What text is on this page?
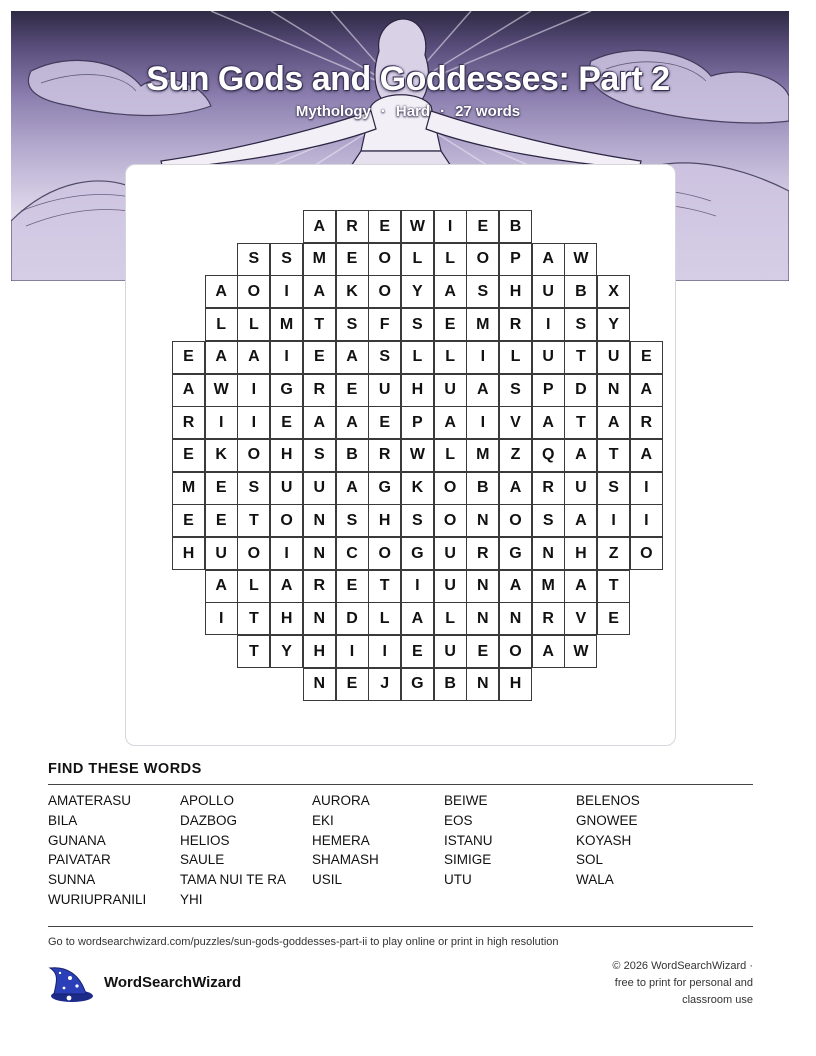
Sun Gods and Goddesses: Part 2
Mythology · Hard · 27 words
A	R	E	W	I	E	B
S	S	M	E	O	L	L	O	P	A	W
A	O	I	A	K	O	Y	A	S	H	U	B	X
L	L	M	T	S	F	S	E	M	R	I	S	Y
E	A	A	I	E	A	S	L	L	I	L	U	T	U	E
A	W	I	G	R	E	U	H	U	A	S	P	D	N	A
R	I	I	E	A	A	E	P	A	I	V	A	T	A	R
E	K	O	H	S	B	R	W	L	M	Z	Q	A	T	A
M	E	S	U	U	A	G	K	O	B	A	R	U	S	I
E	E	T	O	N	S	H	S	O	N	O	S	A	I	I
H	U	O	I	N	C	O	G	U	R	G	N	H	Z	O
A	L	A	R	E	T	I	U	N	A	M	A	T
I	T	H	N	D	L	A	L	N	N	R	V	E
T	Y	H	I	I	E	U	E	O	A	W
N	E	J	G	B	N	H
FIND THESE WORDS
AMATERASU	APOLLO	AURORA	BEIWE	BELENOS
BILA	DAZBOG	EKI	EOS	GNOWEE
GUNANA	HELIOS	HEMERA	ISTANU	KOYASH
PAIVATAR	SAULE	SHAMASH	SIMIGE	SOL
SUNNA	TAMA NUI TE RA	USIL	UTU	WALA
WURIUPRANILI	YHI
Go to wordsearchwizard.com/puzzles/sun-gods-goddesses-part-ii to play online or print in high resolution
WordSearchWizard
© 2026 WordSearchWizard ·
free to print for personal and
classroom use
